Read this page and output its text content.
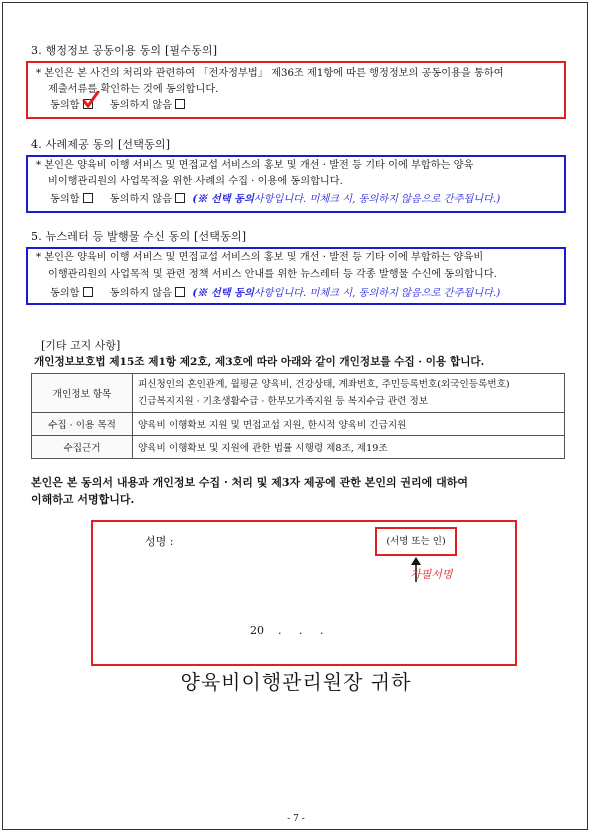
3. 행정정보 공동이용 동의 [필수동의]
* 본인은 본 사건의 처리와 관련하여 「전자정부법」 제36조 제1항에 따른 행정정보의 공동이용을 통하여
제출서류를 확인하는 것에 동의합니다.
동의함	동의하지 않음
4. 사례제공 동의 [선택동의]
* 본인은 양육비 이행 서비스 및 면접교섭 서비스의 홍보 및 개선 · 발전 등 기타 이에 부합하는 양육
비이행관리원의 사업목적을 위한 사례의 수집 · 이용에 동의합니다.
동의함	동의하지 않음 (※ 선택 동의사항입니다. 미체크 시, 동의하지 않음으로 간주됩니다.)
5. 뉴스레터 등 발행물 수신 동의 [선택동의]
* 본인은 양육비 이행 서비스 및 면접교섭 서비스의 홍보 및 개선 · 발전 등 기타 이에 부합하는 양육비
이행관리원의 사업목적 및 관련 정책 서비스 안내를 위한 뉴스레터 등 각종 발행물 수신에 동의합니다.
동의함	동의하지 않음 (※ 선택 동의사항입니다. 미체크 시, 동의하지 않음으로 간주됩니다.)
[기타 고지 사항]
개인정보보호법 제15조 제1항 제2호, 제3호에 따라 아래와 같이 개인정보를 수집 · 이용 합니다.
개인정보 항목	피신청인의 혼인관계, 월평균 양육비, 건강상태, 계좌번호, 주민등록번호(외국인등록번호)
긴급복지지원 · 기초생활수급 · 한부모가족지원 등 복지수급 관련 정보

수집 · 이용 목적	양육비 이행확보 지원 및 면접교섭 지원, 한시적 양육비 긴급지원
수집근거	양육비 이행확보 및 지원에 관한 법률 시행령 제8조, 제19조
본인은 본 동의서 내용과 개인정보 수집 · 처리 및 제3자 제공에 관한 본인의 권리에 대하여
이해하고 서명합니다.
성명 :	(서명 또는 인)
자필서명
20    .     .     .
양육비이행관리원장 귀하
- 7 -
